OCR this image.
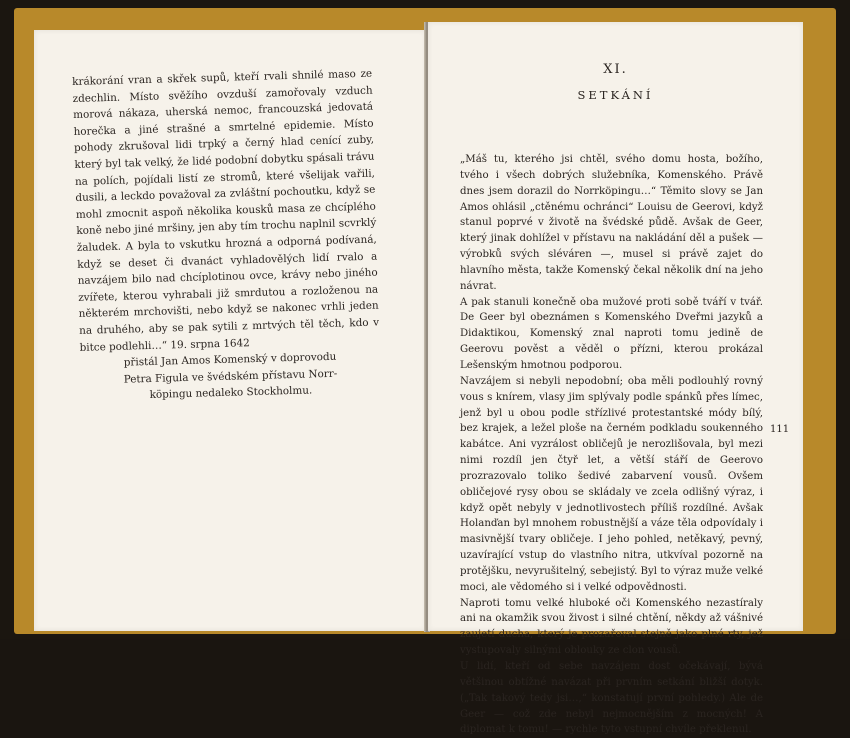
krákorání vran a skřek supů, kteří rvali shnilé maso ze zdechlin. Místo svěžího ovzduší zamořovaly vzduch morová nákaza, uherská nemoc, francouzská jedovatá horečka a jiné strašné a smrtelné epidemie. Místo pohody zkrušoval lidi trpký a černý hlad cenící zuby, který byl tak velký, že lidé podobní dobytku spásali trávu na polích, pojídali listí ze stromů, které všelijak vařili, dusili, a leckdo považoval za zvláštní pochoutku, když se mohl zmocnit aspoň několika kousků masa ze chcíplého koně nebo jiné mršiny, jen aby tím trochu naplnil scvrklý žaludek. A byla to vskutku hrozná a odporná podívaná, když se deset či dvanáct vyhladovělých lidí rvalo a navzájem bilo nad chcíplotinou ovce, krávy nebo jiného zvířete, kterou vyhrabali již smrdutou a rozloženou na některém mrchovišti, nebo když se nakonec vrhli jeden na druhého, aby se pak sytili z mrtvých těl těch, kdo v bitce podlehli…“ 19. srpna 1642

přistál Jan Amos Komenský v doprovodu

Petra Figula ve švédském přístavu Norr-

köpingu nedaleko Stockholmu.

XI.
SETKÁNÍ

„Máš tu, kterého jsi chtěl, svého domu hosta, božího, tvého i všech dobrých služebníka, Komenského. Právě dnes jsem dorazil do Norrköpingu…“ Těmito slovy se Jan Amos ohlásil „ctěnému ochránci“ Louisu de Geerovi, když stanul poprvé v životě na švédské půdě. Avšak de Geer, který jinak dohlížel v přístavu na nakládání děl a pušek — výrobků svých sléváren —, musel si právě zajet do hlavního města, takže Komenský čekal několik dní na jeho návrat.

A pak stanuli konečně oba mužové proti sobě tváří v tvář. De Geer byl obeznámen s Komenského Dveřmi jazyků a Didaktikou, Komenský znal naproti tomu jedině de Geerovu pověst a věděl o přízni, kterou prokázal Lešenským hmotnou podporou.

Navzájem si nebyli nepodobní; oba měli podlouhlý rovný vous s knírem, vlasy jim splývaly podle spánků přes límec, jenž byl u obou podle střízlivé protestantské módy bílý, bez krajek, a ležel ploše na černém podkladu soukenného kabátce. Ani vyzrálost obličejů je nerozlišovala, byl mezi nimi rozdíl jen čtyř let, a větší stáří de Geerovo prozrazovalo toliko šedivé zabarvení vousů. Ovšem obličejové rysy obou se skládaly ve zcela odlišný výraz, i když opět nebyly v jednotlivostech příliš rozdílné. Avšak Holanďan byl mnohem robustnější a váze těla odpovídaly i masivnější tvary obličeje. I jeho pohled, netěkavý, pevný, uzavírající vstup do vlastního nitra, utkvíval pozorně na protějšku, nevyrušitelný, sebejistý. Byl to výraz muže velké moci, ale vědomého si i velké odpovědnosti.

Naproti tomu velké hluboké oči Komenského nezastíraly ani na okamžik svou živost i silné chtění, někdy až vášnivé zaujetí ducha, který je prozařoval stejně jako plné rty, jež vystupovaly silnými oblouky ze clon vousů.

U lidí, kteří od sebe navzájem dost očekávají, bývá většinou obtížné navázat při prvním setkání bližší dotyk. („Tak takový tedy jsi…,“ konstatují první pohledy.) Ale de Geer — což zde nebyl nejmocnějším z mocných! A diplomat k tomu! — rychle tyto vstupní chvíle překlenul.

111
